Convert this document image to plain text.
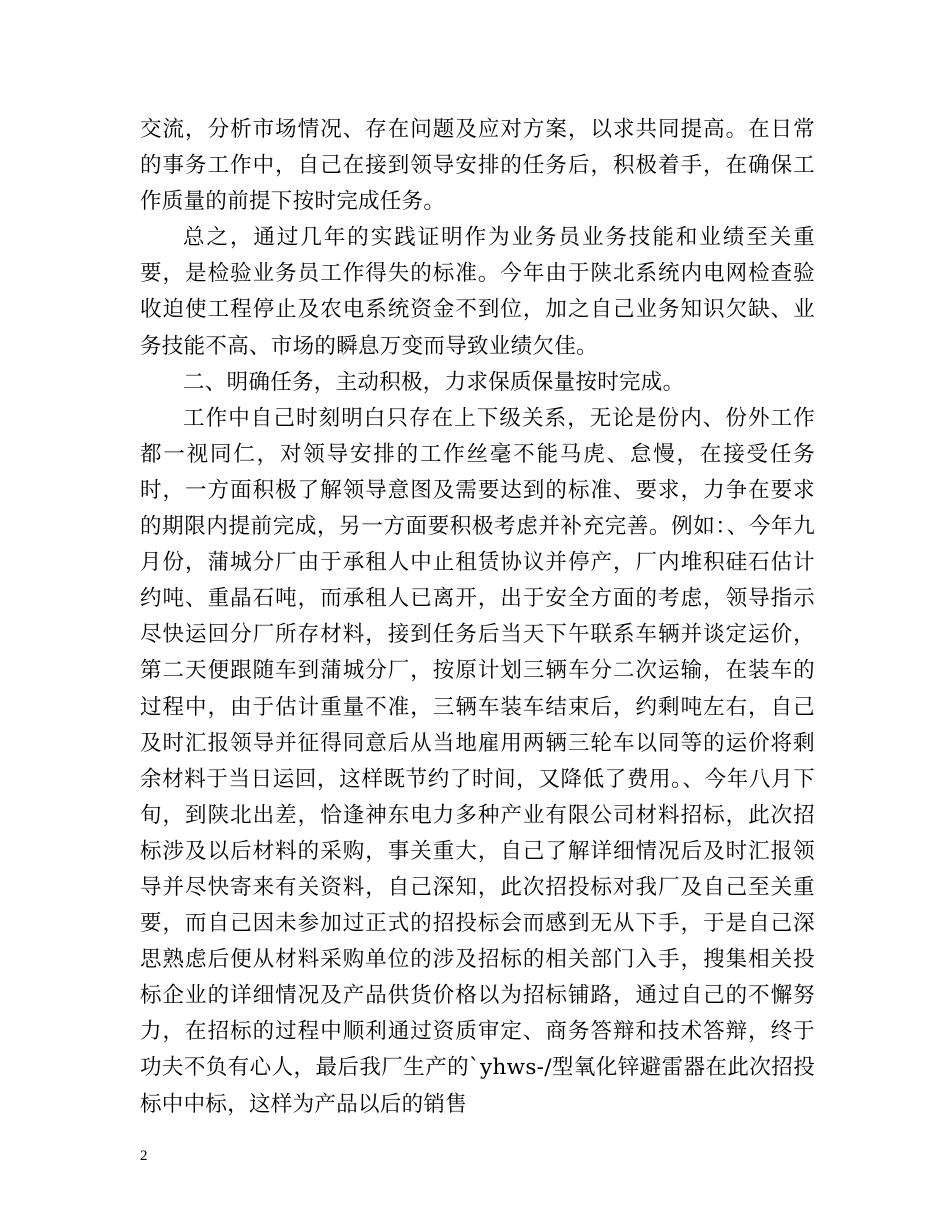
交流，分析市场情况、存在问题及应对方案，以求共同提高。在日常的事务工作中，自己在接到领导安排的任务后，积极着手，在确保工作质量的前提下按时完成任务。

总之，通过几年的实践证明作为业务员业务技能和业绩至关重要，是检验业务员工作得失的标准。今年由于陕北系统内电网检查验收迫使工程停止及农电系统资金不到位，加之自己业务知识欠缺、业务技能不高、市场的瞬息万变而导致业绩欠佳。

二、明确任务，主动积极，力求保质保量按时完成。

工作中自己时刻明白只存在上下级关系，无论是份内、份外工作都一视同仁，对领导安排的工作丝毫不能马虎、怠慢，在接受任务时，一方面积极了解领导意图及需要达到的标准、要求，力争在要求的期限内提前完成，另一方面要积极考虑并补充完善。例如：、今年九月份，蒲城分厂由于承租人中止租赁协议并停产，厂内堆积硅石估计约吨、重晶石吨，而承租人已离开，出于安全方面的考虑，领导指示尽快运回分厂所存材料，接到任务后当天下午联系车辆并谈定运价，第二天便跟随车到蒲城分厂，按原计划三辆车分二次运输，在装车的过程中，由于估计重量不准，三辆车装车结束后，约剩吨左右，自己及时汇报领导并征得同意后从当地雇用两辆三轮车以同等的运价将剩余材料于当日运回，这样既节约了时间，又降低了费用。、今年八月下旬，到陕北出差，恰逢神东电力多种产业有限公司材料招标，此次招标涉及以后材料的采购，事关重大，自己了解详细情况后及时汇报领导并尽快寄来有关资料，自己深知，此次招投标对我厂及自己至关重要，而自己因未参加过正式的招投标会而感到无从下手，于是自己深思熟虑后便从材料采购单位的涉及招标的相关部门入手，搜集相关投标企业的详细情况及产品供货价格以为招标铺路，通过自己的不懈努力，在招标的过程中顺利通过资质审定、商务答辩和技术答辩，终于功夫不负有心人，最后我厂生产的`yhws-/型氧化锌避雷器在此次招投标中中标，这样为产品以后的销售

2
